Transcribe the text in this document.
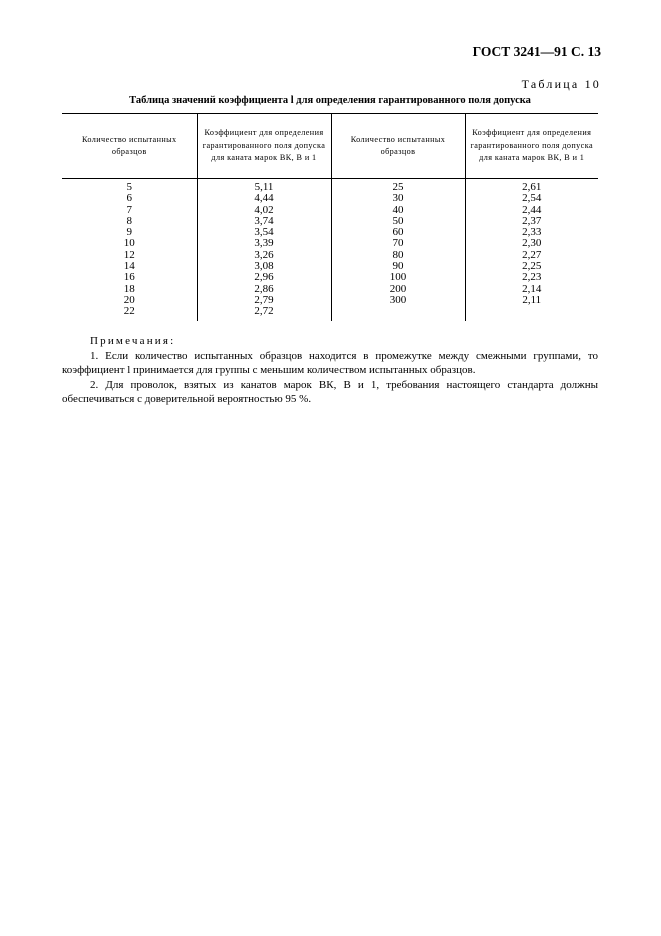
ГОСТ 3241—91 С. 13
Таблица 10
Таблица значений коэффициента l для определения гарантированного поля допуска
Количество испытанных образцов	Коэффициент для определения гарантированного поля допуска для каната марок ВК, В и 1	Количество испытанных образцов	Коэффициент для определения гарантированного поля допуска для каната марок ВК, В и 1
5	5,11	25	2,61
6	4,44	30	2,54
7	4,02	40	2,44
8	3,74	50	2,37
9	3,54	60	2,33
10	3,39	70	2,30
12	3,26	80	2,27
14	3,08	90	2,25
16	2,96	100	2,23
18	2,86	200	2,14
20	2,79	300	2,11
22	2,72		
Примечания:
1. Если количество испытанных образцов находится в промежутке между смежными группами, то коэффициент l принимается для группы с меньшим количеством испытанных образцов.
2. Для проволок, взятых из канатов марок ВК, В и 1, требования настоящего стандарта должны обеспечиваться с доверительной вероятностью 95 %.
